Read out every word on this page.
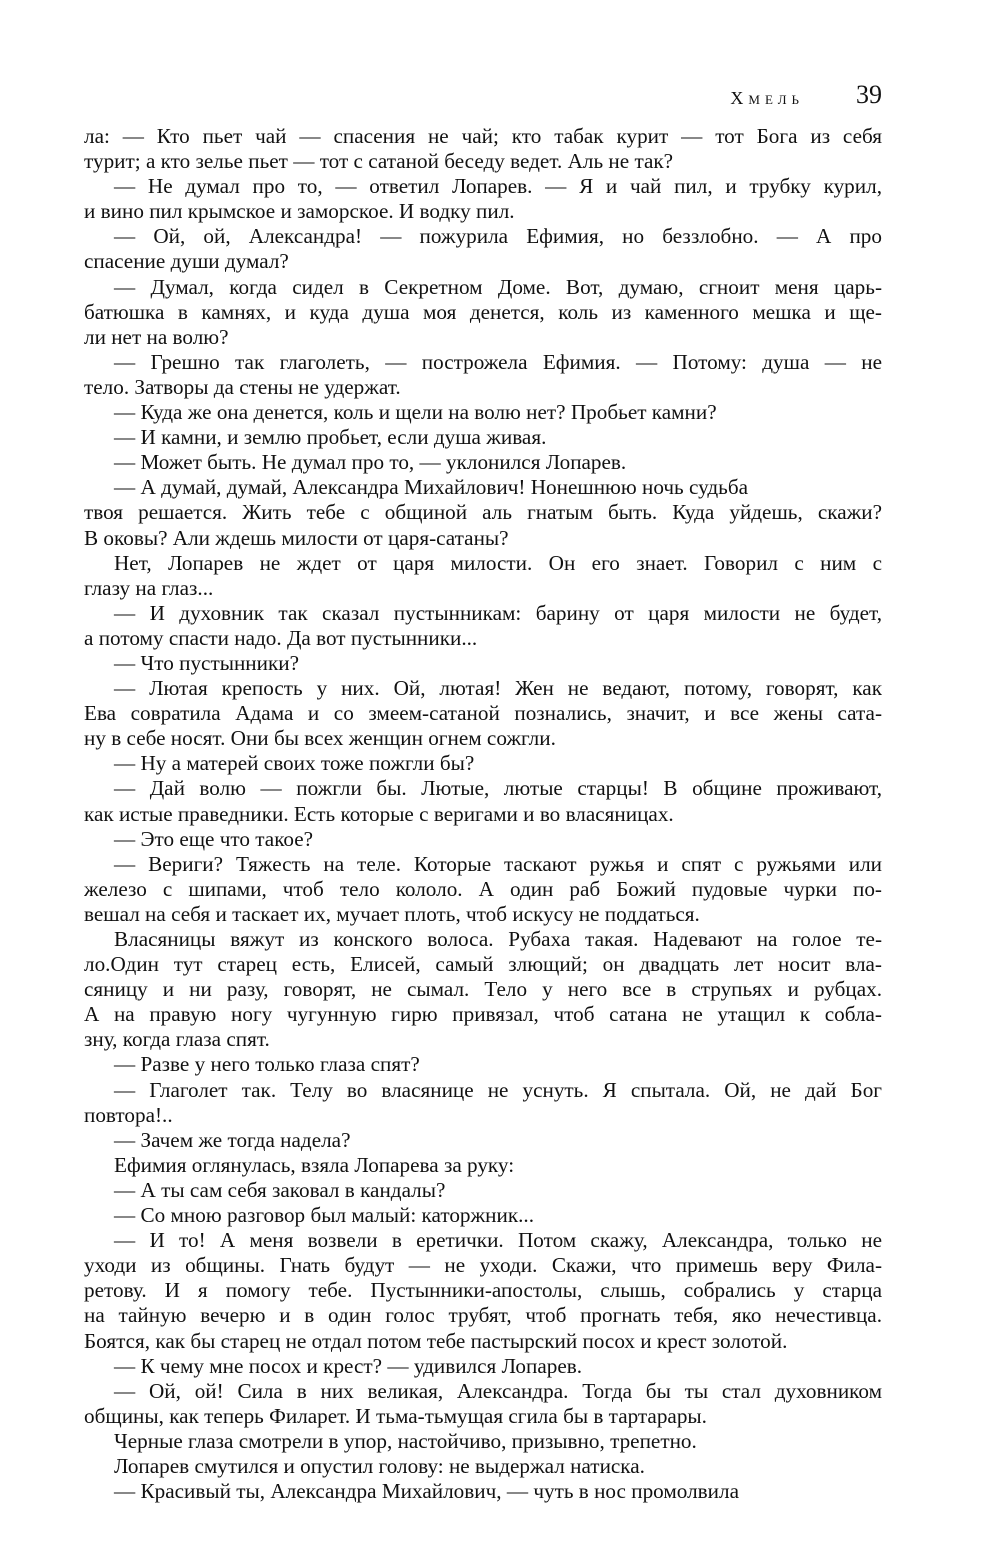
Хмель 39
ла: — Кто пьет чай — спасения не чай; кто табак курит — тот Бога из себя
турит; а кто зелье пьет — тот с сатаной беседу ведет. Аль не так?
— Не думал про то, — ответил Лопарев. — Я и чай пил, и трубку курил,
и вино пил крымское и заморское. И водку пил.
— Ой, ой, Александра! — пожурила Ефимия, но беззлобно. — А про
спасение души думал?
— Думал, когда сидел в Секретном Доме. Вот, думаю, сгноит меня царь-
батюшка в камнях, и куда душа моя денется, коль из каменного мешка и ще-
ли нет на волю?
— Грешно так глаголеть, — построжела Ефимия. — Потому: душа — не
тело. Затворы да стены не удержат.
— Куда же она денется, коль и щели на волю нет? Пробьет камни?
— И камни, и землю пробьет, если душа живая.
— Может быть. Не думал про то, — уклонился Лопарев.
— А думай, думай, Александра Михайлович! Нонешнюю ночь судьба
твоя решается. Жить тебе с общиной аль гнатым быть. Куда уйдешь, скажи?
В оковы? Али ждешь милости от царя-сатаны?
Нет, Лопарев не ждет от царя милости. Он его знает. Говорил с ним с
глазу на глаз...
— И духовник так сказал пустынникам: барину от царя милости не будет,
а потому спасти надо. Да вот пустынники...
— Что пустынники?
— Лютая крепость у них. Ой, лютая! Жен не ведают, потому, говорят, как
Ева совратила Адама и со змеем-сатаной познались, значит, и все жены сата-
ну в себе носят. Они бы всех женщин огнем сожгли.
— Ну а матерей своих тоже пожгли бы?
— Дай волю — пожгли бы. Лютые, лютые старцы! В общине проживают,
как истые праведники. Есть которые с веригами и во власяницах.
— Это еще что такое?
— Вериги? Тяжесть на теле. Которые таскают ружья и спят с ружьями или
железо с шипами, чтоб тело кололо. А один раб Божий пудовые чурки по-
вешал на себя и таскает их, мучает плоть, чтоб искусу не поддаться.
Власяницы вяжут из конского волоса. Рубаха такая. Надевают на голое те-
ло.Один тут старец есть, Елисей, самый злющий; он двадцать лет носит вла-
сяницу и ни разу, говорят, не сымал. Тело у него все в струпьях и рубцах.
А на правую ногу чугунную гирю привязал, чтоб сатана не утащил к собла-
зну, когда глаза спят.
— Разве у него только глаза спят?
— Глаголет так. Телу во власянице не уснуть. Я спытала. Ой, не дай Бог
повтора!..
— Зачем же тогда надела?
Ефимия оглянулась, взяла Лопарева за руку:
— А ты сам себя заковал в кандалы?
— Со мною разговор был малый: каторжник...
— И то! А меня возвели в еретички. Потом скажу, Александра, только не
уходи из общины. Гнать будут — не уходи. Скажи, что примешь веру Фила-
ретову. И я помогу тебе. Пустынники-апостолы, слышь, собрались у старца
на тайную вечерю и в один голос трубят, чтоб прогнать тебя, яко нечестивца.
Боятся, как бы старец не отдал потом тебе пастырский посох и крест золотой.
— К чему мне посох и крест? — удивился Лопарев.
— Ой, ой! Сила в них великая, Александра. Тогда бы ты стал духовником
общины, как теперь Филарет. И тьма-тьмущая сгила бы в тартарары.
Черные глаза смотрели в упор, настойчиво, призывно, трепетно.
Лопарев смутился и опустил голову: не выдержал натиска.
— Красивый ты, Александра Михайлович, — чуть в нос промолвила
